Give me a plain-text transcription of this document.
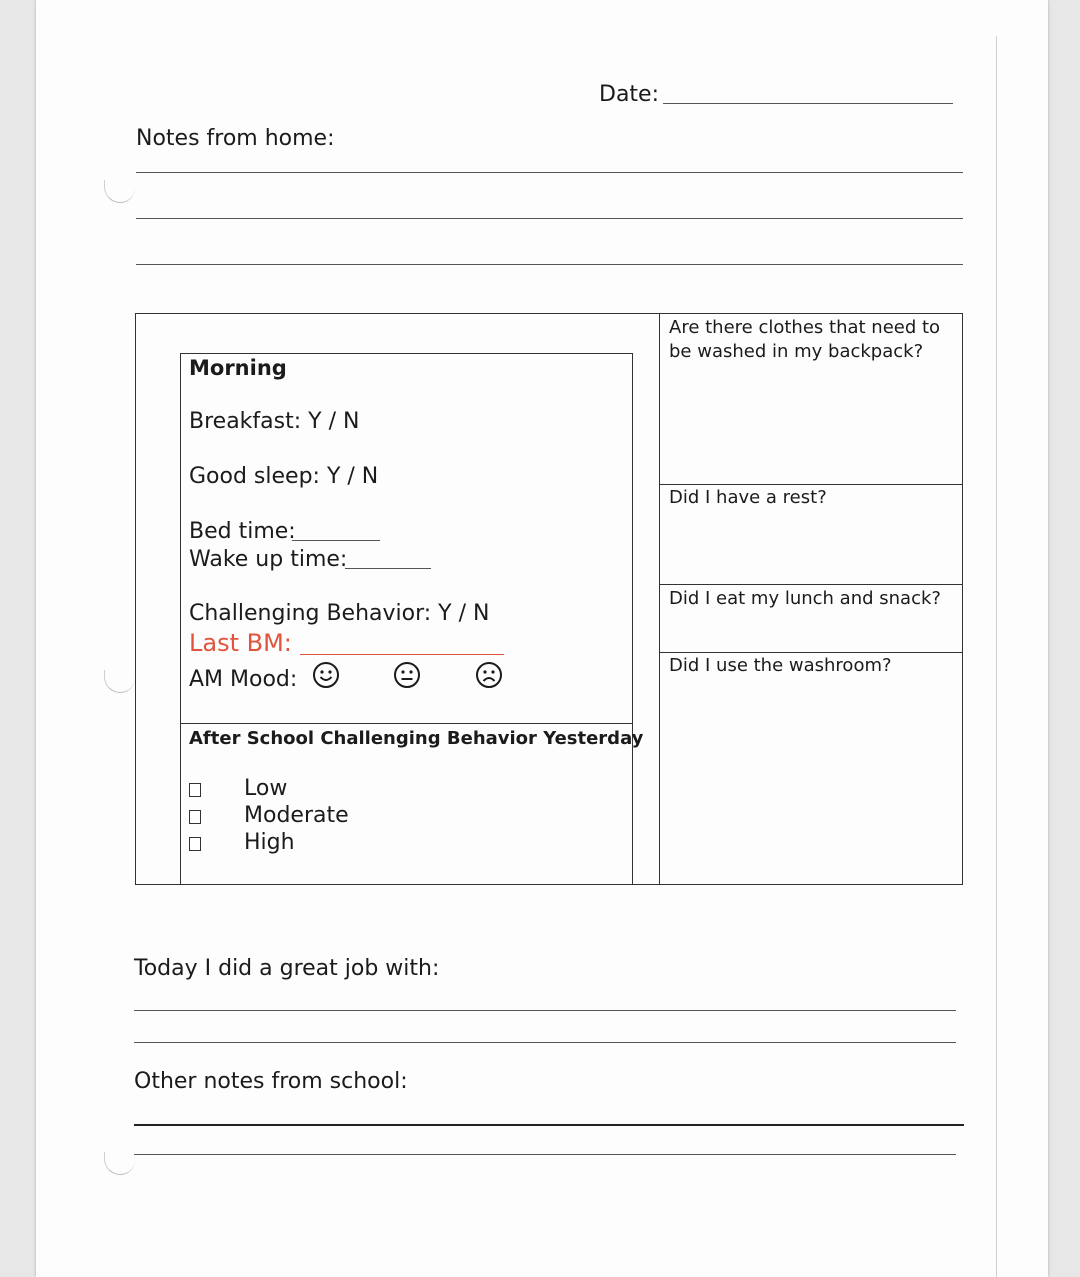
Date:
Notes from home:
Morning
Breakfast: Y / N
Good sleep: Y / N
Bed time:
Wake up time:
Challenging Behavior: Y / N
Last BM:
AM Mood:
After School Challenging Behavior Yesterday
Low
Moderate
High
Are there clothes that need to be washed in my backpack?
Did I have a rest?
Did I eat my lunch and snack?
Did I use the washroom?
Today I did a great job with:
Other notes from school:
